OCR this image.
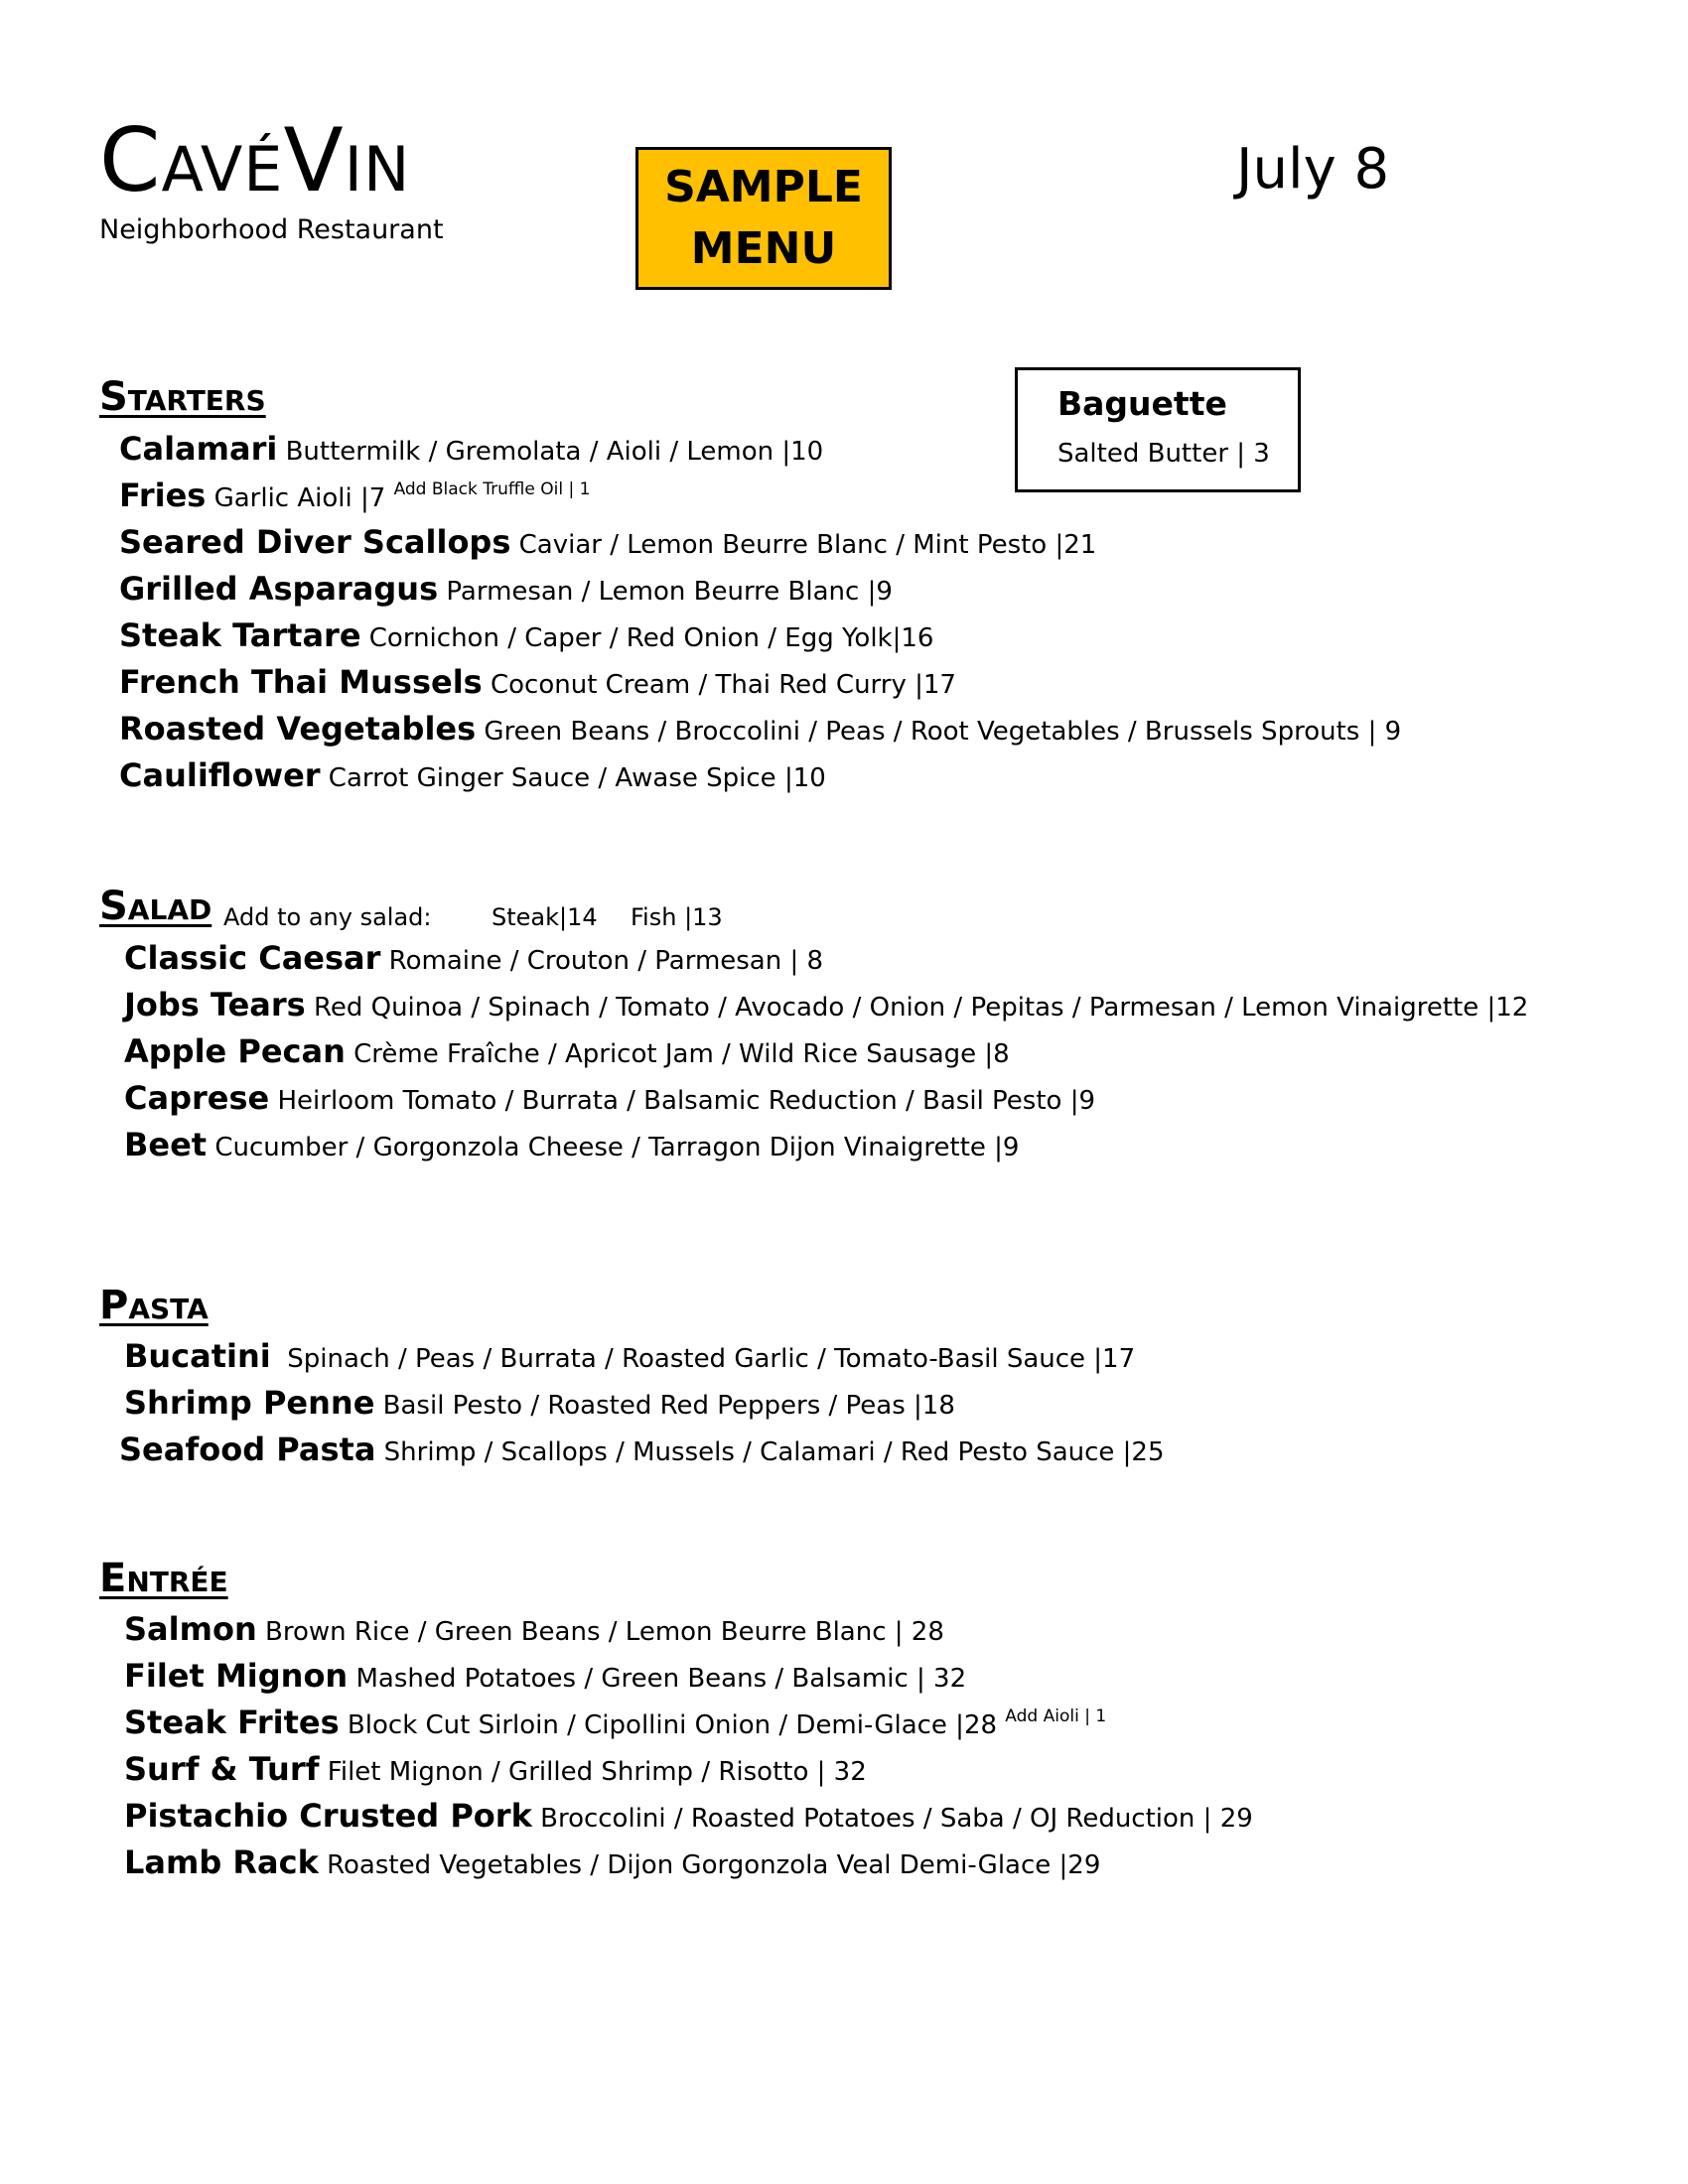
CavéVin
Neighborhood Restaurant
SAMPLE
MENU
July 8
Baguette
Salted Butter | 3
Starters
Calamari Buttermilk / Gremolata / Aioli / Lemon |10
Fries Garlic Aioli |7 $^{Add Black Truffle Oil | 1}$
Seared Diver Scallops Caviar / Lemon Beurre Blanc / Mint Pesto |21
Grilled Asparagus Parmesan / Lemon Beurre Blanc |9
Steak Tartare Cornichon / Caper / Red Onion / Egg Yolk|16
French Thai Mussels Coconut Cream / Thai Red Curry |17
Roasted Vegetables Green Beans / Broccolini / Peas / Root Vegetables / Brussels Sprouts | 9
Cauliflower Carrot Ginger Sauce / Awase Spice |10
Salad Add to any salad:	Steak|14 Fish |13
Classic Caesar Romaine / Crouton / Parmesan | 8
Jobs Tears Red Quinoa / Spinach / Tomato / Avocado / Onion / Pepitas / Parmesan / Lemon Vinaigrette |12
Apple Pecan Crème Fraîche / Apricot Jam / Wild Rice Sausage |8
Caprese Heirloom Tomato / Burrata / Balsamic Reduction / Basil Pesto |9
Beet Cucumber / Gorgonzola Cheese / Tarragon Dijon Vinaigrette |9
Pasta
Bucatini  Spinach / Peas / Burrata / Roasted Garlic / Tomato-Basil Sauce |17
Shrimp Penne Basil Pesto / Roasted Red Peppers / Peas |18
Seafood Pasta Shrimp / Scallops / Mussels / Calamari / Red Pesto Sauce |25
Entrée
Salmon Brown Rice / Green Beans / Lemon Beurre Blanc | 28
Filet Mignon Mashed Potatoes / Green Beans / Balsamic | 32
Steak Frites Block Cut Sirloin / Cipollini Onion / Demi-Glace |28 $^{Add Aioli | 1}$
Surf & Turf Filet Mignon / Grilled Shrimp / Risotto | 32
Pistachio Crusted Pork Broccolini / Roasted Potatoes / Saba / OJ Reduction | 29
Lamb Rack Roasted Vegetables / Dijon Gorgonzola Veal Demi-Glace |29
